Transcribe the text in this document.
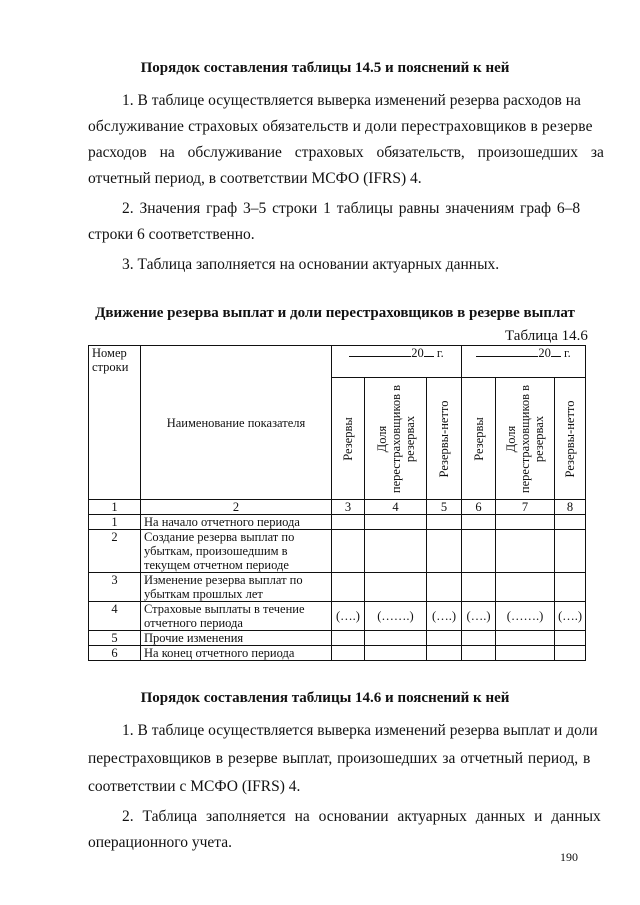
Порядок составления таблицы 14.5 и пояснений к ней
1. В таблице осуществляется выверка изменений резерва расходов на
обслуживание страховых обязательств и доли перестраховщиков в резерве
расходов на обслуживание страховых обязательств, произошедших за
отчетный период, в соответствии МСФО (IFRS) 4.
2. Значения граф 3–5 строки 1 таблицы равны значениям граф 6–8
строки 6 соответственно.
3. Таблица заполняется на основании актуарных данных.
Движение резерва выплат и доли перестраховщиков в резерве выплат
Таблица 14.6
Номер строки	Наименование показателя	20 г.			20 г.		

		Резервы	Доля перестраховщиков в резервах	Резервы-нетто	Резервы	Доля перестраховщиков в резервах	Резервы-нетто

1	2	3	4	5	6	7	8
1	На начало отчетного периода						
2	Создание резерва выплат по убыткам, произошедшим в текущем отчетном периоде						
3	Изменение резерва выплат по убыткам прошлых лет						
4	Страховые выплаты в течение отчетного периода	(….)	(…….)	(….)	(….)	(…….)	(….)
5	Прочие изменения						
6	На конец отчетного периода						
Порядок составления таблицы 14.6 и пояснений к ней
1. В таблице осуществляется выверка изменений резерва выплат и доли
перестраховщиков в резерве выплат, произошедших за отчетный период, в
соответствии с МСФО (IFRS) 4.
2. Таблица заполняется на основании актуарных данных и данных
операционного учета.
190
